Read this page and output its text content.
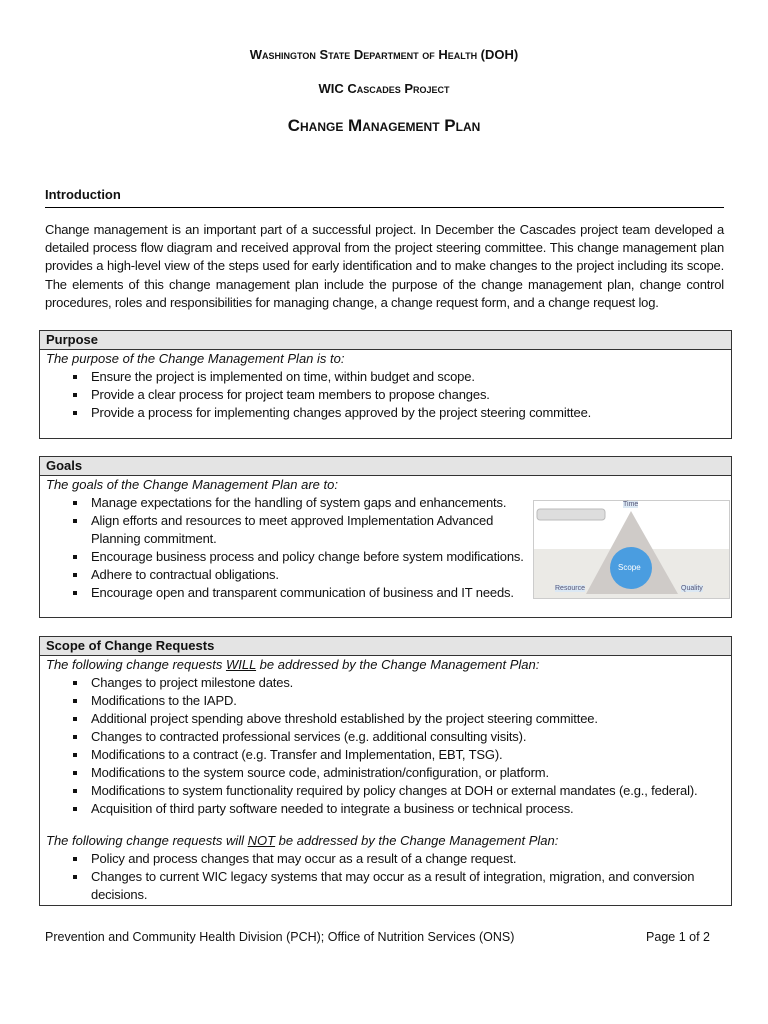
Washington State Department of Health (DOH)
WIC Cascades Project
Change Management Plan
Introduction
Change management is an important part of a successful project. In December the Cascades project team developed a detailed process flow diagram and received approval from the project steering committee. This change management plan provides a high-level view of the steps used for early identification and to make changes to the project including its scope. The elements of this change management plan include the purpose of the change management plan, change control procedures, roles and responsibilities for managing change, a change request form, and a change request log.
Purpose
The purpose of the Change Management Plan is to:
Ensure the project is implemented on time, within budget and scope.
Provide a clear process for project team members to propose changes.
Provide a process for implementing changes approved by the project steering committee.
Goals
The goals of the Change Management Plan are to:
Manage expectations for the handling of system gaps and enhancements.
Align efforts and resources to meet approved Implementation Advanced Planning commitment.
Encourage business process and policy change before system modifications.
Adhere to contractual obligations.
Encourage open and transparent communication of business and IT needs.
Time
Scope
Resource	Quality
Scope of Change Requests
The following change requests WILL be addressed by the Change Management Plan:
Changes to project milestone dates.
Modifications to the IAPD.
Additional project spending above threshold established by the project steering committee.
Changes to contracted professional services (e.g. additional consulting visits).
Modifications to a contract (e.g. Transfer and Implementation, EBT, TSG).
Modifications to the system source code, administration/configuration, or platform.
Modifications to system functionality required by policy changes at DOH or external mandates (e.g., federal).
Acquisition of third party software needed to integrate a business or technical process.
The following change requests will NOT be addressed by the Change Management Plan:
Policy and process changes that may occur as a result of a change request.
Changes to current WIC legacy systems that may occur as a result of integration, migration, and conversion decisions.
Prevention and Community Health Division (PCH); Office of Nutrition Services (ONS)	Page 1 of 2
